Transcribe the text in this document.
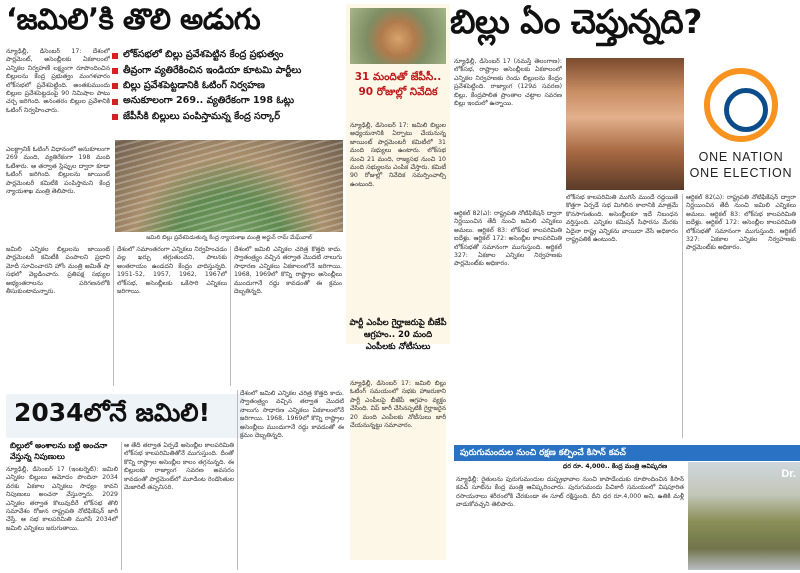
‘జమిలి’కి తొలి అడుగు	బిల్లు ఏం చెప్తున్నది?
న్యూఢిల్లీ, డిసెంబర్ 17: దేశంలో పార్లమెంట్, అసెంబ్లీలకు ఏకకాలంలో ఎన్నికల నిర్వహణే లక్ష్యంగా రూపొందించిన బిల్లులను కేంద్ర ప్రభుత్వం మంగళవారం లోక్‌సభలో ప్రవేశపెట్టింది. అంతకుముందు బిల్లుల ప్రవేశపెట్టడంపై 90 నిమిషాల పాటు చర్చ జరిగింది. అనంతరం బిల్లుల ప్రవేశానికి ఓటింగ్ నిర్వహించారు.
ఎలక్ట్రానిక్ ఓటింగ్ విధానంలో అనుకూలంగా 269 మంది, వ్యతిరేకంగా 198 మంది ఓటేశారు. ఆ తర్వాత స్లిప్పుల ద్వారా కూడా ఓటింగ్ జరిగింది. బిల్లులను జాయింట్ పార్లమెంటరీ కమిటీకి పంపిస్తామని కేంద్ర న్యాయశాఖ మంత్రి తెలిపారు.
లోక్‌సభలో బిల్లు ప్రవేశపెట్టిన కేంద్ర ప్రభుత్వం
తీవ్రంగా వ్యతిరేకించిన ఇండియా కూటమి పార్టీలు
బిల్లు ప్రవేశపెట్టడానికి ఓటింగ్ నిర్వహణ
అనుకూలంగా 269.. వ్యతిరేకంగా 198 ఓట్లు
జేపీసీకి బిల్లులు పంపిస్తామన్న కేంద్ర సర్కార్
జమిలి బిల్లు ప్రవేశపెడుతున్న కేంద్ర న్యాయశాఖ మంత్రి అర్జున్ రామ్ మేఘ్‌వాల్
జమిలి ఎన్నికల బిల్లులను జాయింట్ పార్లమెంటరీ కమిటీకి పంపాలని ప్రధాని మోదీ సూచించారని హోం మంత్రి అమిత్ షా సభలో వెల్లడించారు. ప్రతిపక్ష సభ్యుల అభ్యంతరాలను పరిగణనలోకి తీసుకుంటామన్నారు.
దేశంలో సమాంతరంగా ఎన్నికలు నిర్వహించడం వల్ల ఖర్చు తగ్గుతుందని, పాలనకు అంతరాయం ఉండదని కేంద్రం వాదిస్తున్నది. 1951-52, 1957, 1962, 1967లో లోక్‌సభ, అసెంబ్లీలకు ఒకేసారి ఎన్నికలు జరిగాయి.
దేశంలో జమిలి ఎన్నికల చరిత్ర కొత్తది కాదు. స్వాతంత్ర్యం వచ్చిన తర్వాత మొదటి నాలుగు సాధారణ ఎన్నికలు ఏకకాలంలోనే జరిగాయి. 1968, 1969లో కొన్ని రాష్ట్రాల అసెంబ్లీలు ముందుగానే రద్దు కావడంతో ఈ క్రమం దెబ్బతిన్నది.
31 మందితో జేపీసీ.. 90 రోజుల్లో నివేదిక
న్యూఢిల్లీ, డిసెంబర్ 17: జమిలి బిల్లుల అధ్యయనానికి ఏర్పాటు చేయనున్న జాయింట్ పార్లమెంటరీ కమిటీలో 31 మంది సభ్యులు ఉంటారు. లోక్‌సభ నుంచి 21 మంది, రాజ్యసభ నుంచి 10 మంది సభ్యులను ఎంపిక చేస్తారు. కమిటీ 90 రోజుల్లో నివేదిక సమర్పించాల్సి ఉంటుంది.
పార్టీ ఎంపీల గైర్హాజరుపై బీజేపీ ఆగ్రహం.. 20 మంది ఎంపీలకు నోటీసులు
న్యూఢిల్లీ, డిసెంబర్ 17: జమిలి బిల్లు ఓటింగ్ సమయంలో సభకు హాజరుకాని పార్టీ ఎంపీలపై బీజేపీ ఆగ్రహం వ్యక్తం చేసింది. విప్ జారీ చేసినప్పటికీ గైర్హాజరైన 20 మంది ఎంపీలకు నోటీసులు జారీ చేయనున్నట్టు సమాచారం.
న్యూఢిల్లీ, డిసెంబర్ 17 (నమస్తే తెలంగాణ): లోక్‌సభ, రాష్ట్రాల అసెంబ్లీలకు ఏకకాలంలో ఎన్నికల నిర్వహణకు రెండు బిల్లులను కేంద్రం ప్రవేశపెట్టింది. రాజ్యాంగ (129వ సవరణ) బిల్లు, కేంద్రపాలిత ప్రాంతాల చట్టాల సవరణ బిల్లు ఇందులో ఉన్నాయి.
ఆర్టికల్ 82(ఎ): రాష్ట్రపతి నోటిఫికేషన్ ద్వారా నిర్ణయించిన తేదీ నుంచి జమిలి ఎన్నికలు అమలు. ఆర్టికల్ 83: లోక్‌సభ కాలపరిమితి ఐదేళ్లు. ఆర్టికల్ 172: అసెంబ్లీల కాలపరిమితి లోక్‌సభతో సమానంగా ముగుస్తుంది. ఆర్టికల్ 327: ఏకకాల ఎన్నికల నిర్వహణకు పార్లమెంట్‌కు అధికారం.
ONE NATION
ONE ELECTION
లోక్‌సభ కాలపరిమితి ముగిసే ముందే రద్దయితే కొత్తగా ఏర్పడే సభ మిగిలిన కాలానికి మాత్రమే కొనసాగుతుంది. అసెంబ్లీలకూ ఇదే నిబంధన వర్తిస్తుంది. ఎన్నికల కమిషన్ సిఫారసు మేరకు ఏదైనా రాష్ట్ర ఎన్నికను వాయిదా వేసే అధికారం రాష్ట్రపతికి ఉంటుంది.
ఆర్టికల్ 82(ఎ): రాష్ట్రపతి నోటిఫికేషన్ ద్వారా నిర్ణయించిన తేదీ నుంచి జమిలి ఎన్నికలు అమలు. ఆర్టికల్ 83: లోక్‌సభ కాలపరిమితి ఐదేళ్లు. ఆర్టికల్ 172: అసెంబ్లీల కాలపరిమితి లోక్‌సభతో సమానంగా ముగుస్తుంది. ఆర్టికల్ 327: ఏకకాల ఎన్నికల నిర్వహణకు పార్లమెంట్‌కు అధికారం.
2034లోనే జమిలి!
బిల్లులో అంశాలను బట్టి అంచనా వేస్తున్న నిపుణులు
న్యూఢిల్లీ, డిసెంబర్ 17 (ఇంటర్నెట్): జమిలి ఎన్నికల బిల్లులు ఆమోదం పొందినా 2034 వరకు ఏకకాల ఎన్నికలు సాధ్యం కావని నిపుణులు అంచనా వేస్తున్నారు. 2029 ఎన్నికల తర్వాత కొలువుదీరే లోక్‌సభ తొలి సమావేశం రోజున రాష్ట్రపతి నోటిఫికేషన్ జారీ చేస్తే, ఆ సభ కాలపరిమితి ముగిసే 2034లో జమిలి ఎన్నికలు జరుగుతాయి.
ఆ తేదీ తర్వాత ఏర్పడే అసెంబ్లీల కాలపరిమితి లోక్‌సభ కాలపరిమితితోనే ముగుస్తుంది. దీంతో కొన్ని రాష్ట్రాల అసెంబ్లీల కాలం తగ్గనున్నది. ఈ బిల్లులకు రాజ్యాంగ సవరణ అవసరం కావడంతో పార్లమెంట్‌లో మూడింట రెండొంతుల మెజారిటీ తప్పనిసరి.
దేశంలో జమిలి ఎన్నికల చరిత్ర కొత్తది కాదు. స్వాతంత్ర్యం వచ్చిన తర్వాత మొదటి నాలుగు సాధారణ ఎన్నికలు ఏకకాలంలోనే జరిగాయి. 1968, 1969లో కొన్ని రాష్ట్రాల అసెంబ్లీలు ముందుగానే రద్దు కావడంతో ఈ క్రమం దెబ్బతిన్నది.
పురుగుమందుల నుంచి రక్షణ కల్పించే కిసాన్ కవచ్
ధర రూ. 4,000.. కేంద్ర మంత్రి ఆవిష్కరణ
Dr.
న్యూఢిల్లీ: రైతులను పురుగుమందుల దుష్ప్రభావాల నుంచి కాపాడేందుకు రూపొందించిన కిసాన్ కవచ్ సూట్‌ను కేంద్ర మంత్రి ఆవిష్కరించారు. పురుగుమందు పిచికారీ సమయంలో విషపూరిత రసాయనాలు శరీరంలోకి చేరకుండా ఈ సూట్ రక్షిస్తుంది. దీని ధర రూ.4,000 అని, ఉతికి మళ్లీ వాడుకోవచ్చని తెలిపారు.
